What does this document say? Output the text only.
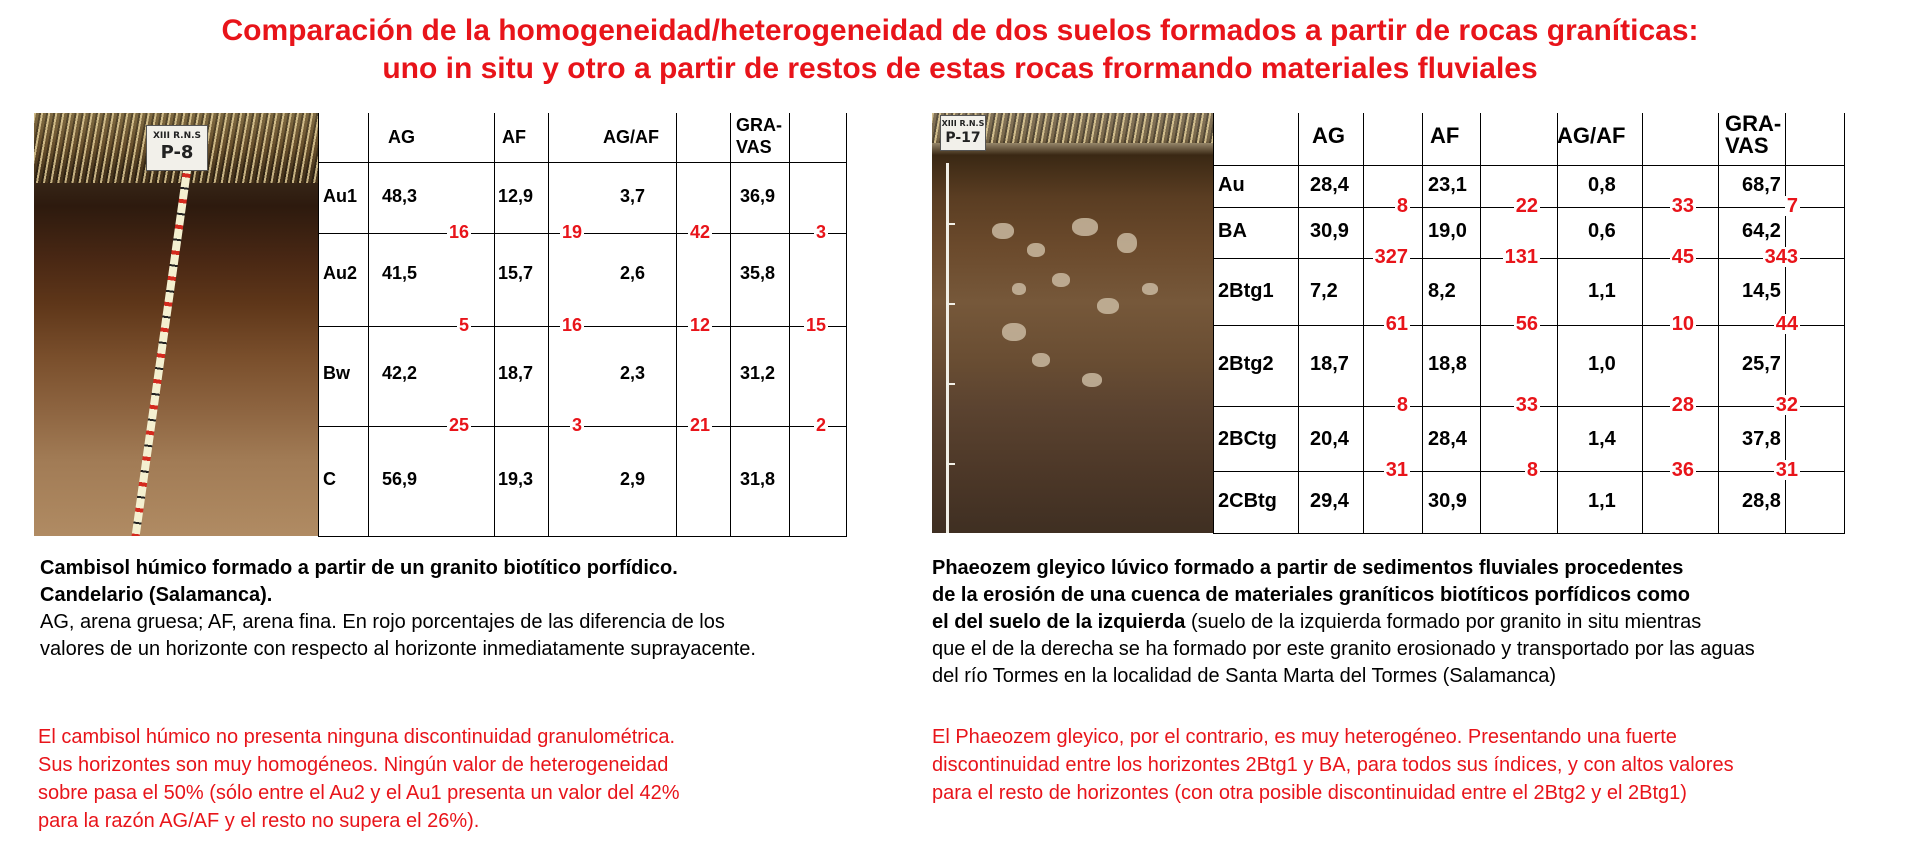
Comparación de la homogeneidad/heterogeneidad de dos suelos formados a partir de rocas graníticas:
uno in situ y otro a partir de restos de estas rocas frormando materiales fluviales
XIII R.N.S
P-8
AG	AF	AG/AF
GRA-
VAS
Au1 48,3	12,9	3,7	36,9
Au2 41,5	15,7	2,6	35,8
Bw 42,2	18,7	2,3	31,2
C	56,9	19,3	2,9	31,8
16	19	42	3
5	16	12	15
25	3	21	2
XIII R.N.S
P-17	AG	AF	AG/AF	GRA-
VAS
Au	28,4	23,1	0,8	68,7
BA	30,9	19,0	0,6	64,2
2Btg1 7,2	8,2	1,1	14,5
2Btg2 18,7	18,8	1,0	25,7
2BCtg 20,4	28,4	1,4	37,8
2CBtg 29,4	30,9	1,1	28,8
8	22	33	7
327	131	45	343
61	56	10	44
8	33	28	32
31	8	36	31
Cambisol húmico formado a partir de un granito biotítico porfídico.
Candelario (Salamanca).
AG, arena gruesa; AF, arena fina. En rojo porcentajes de las diferencia de los
valores de un horizonte con respecto al horizonte inmediatamente suprayacente.
Phaeozem gleyico lúvico formado a partir de sedimentos fluviales procedentes
de la erosión de una cuenca de materiales graníticos biotíticos porfídicos como
el del suelo de la izquierda (suelo de la izquierda formado por granito in situ mientras
que el de la derecha se ha formado por este granito erosionado y transportado por las aguas
del río Tormes en la localidad de Santa Marta del Tormes (Salamanca)
El cambisol húmico no presenta ninguna discontinuidad granulométrica.
Sus horizontes son muy homogéneos. Ningún valor de heterogeneidad
sobre pasa el 50% (sólo entre el Au2 y el Au1 presenta un valor del 42%
para la razón AG/AF y el resto no supera el 26%).
El Phaeozem gleyico, por el contrario, es muy heterogéneo. Presentando una fuerte
discontinuidad entre los horizontes 2Btg1 y BA, para todos sus índices, y con altos valores
para el resto de horizontes (con otra posible discontinuidad entre el 2Btg2 y el 2Btg1)
